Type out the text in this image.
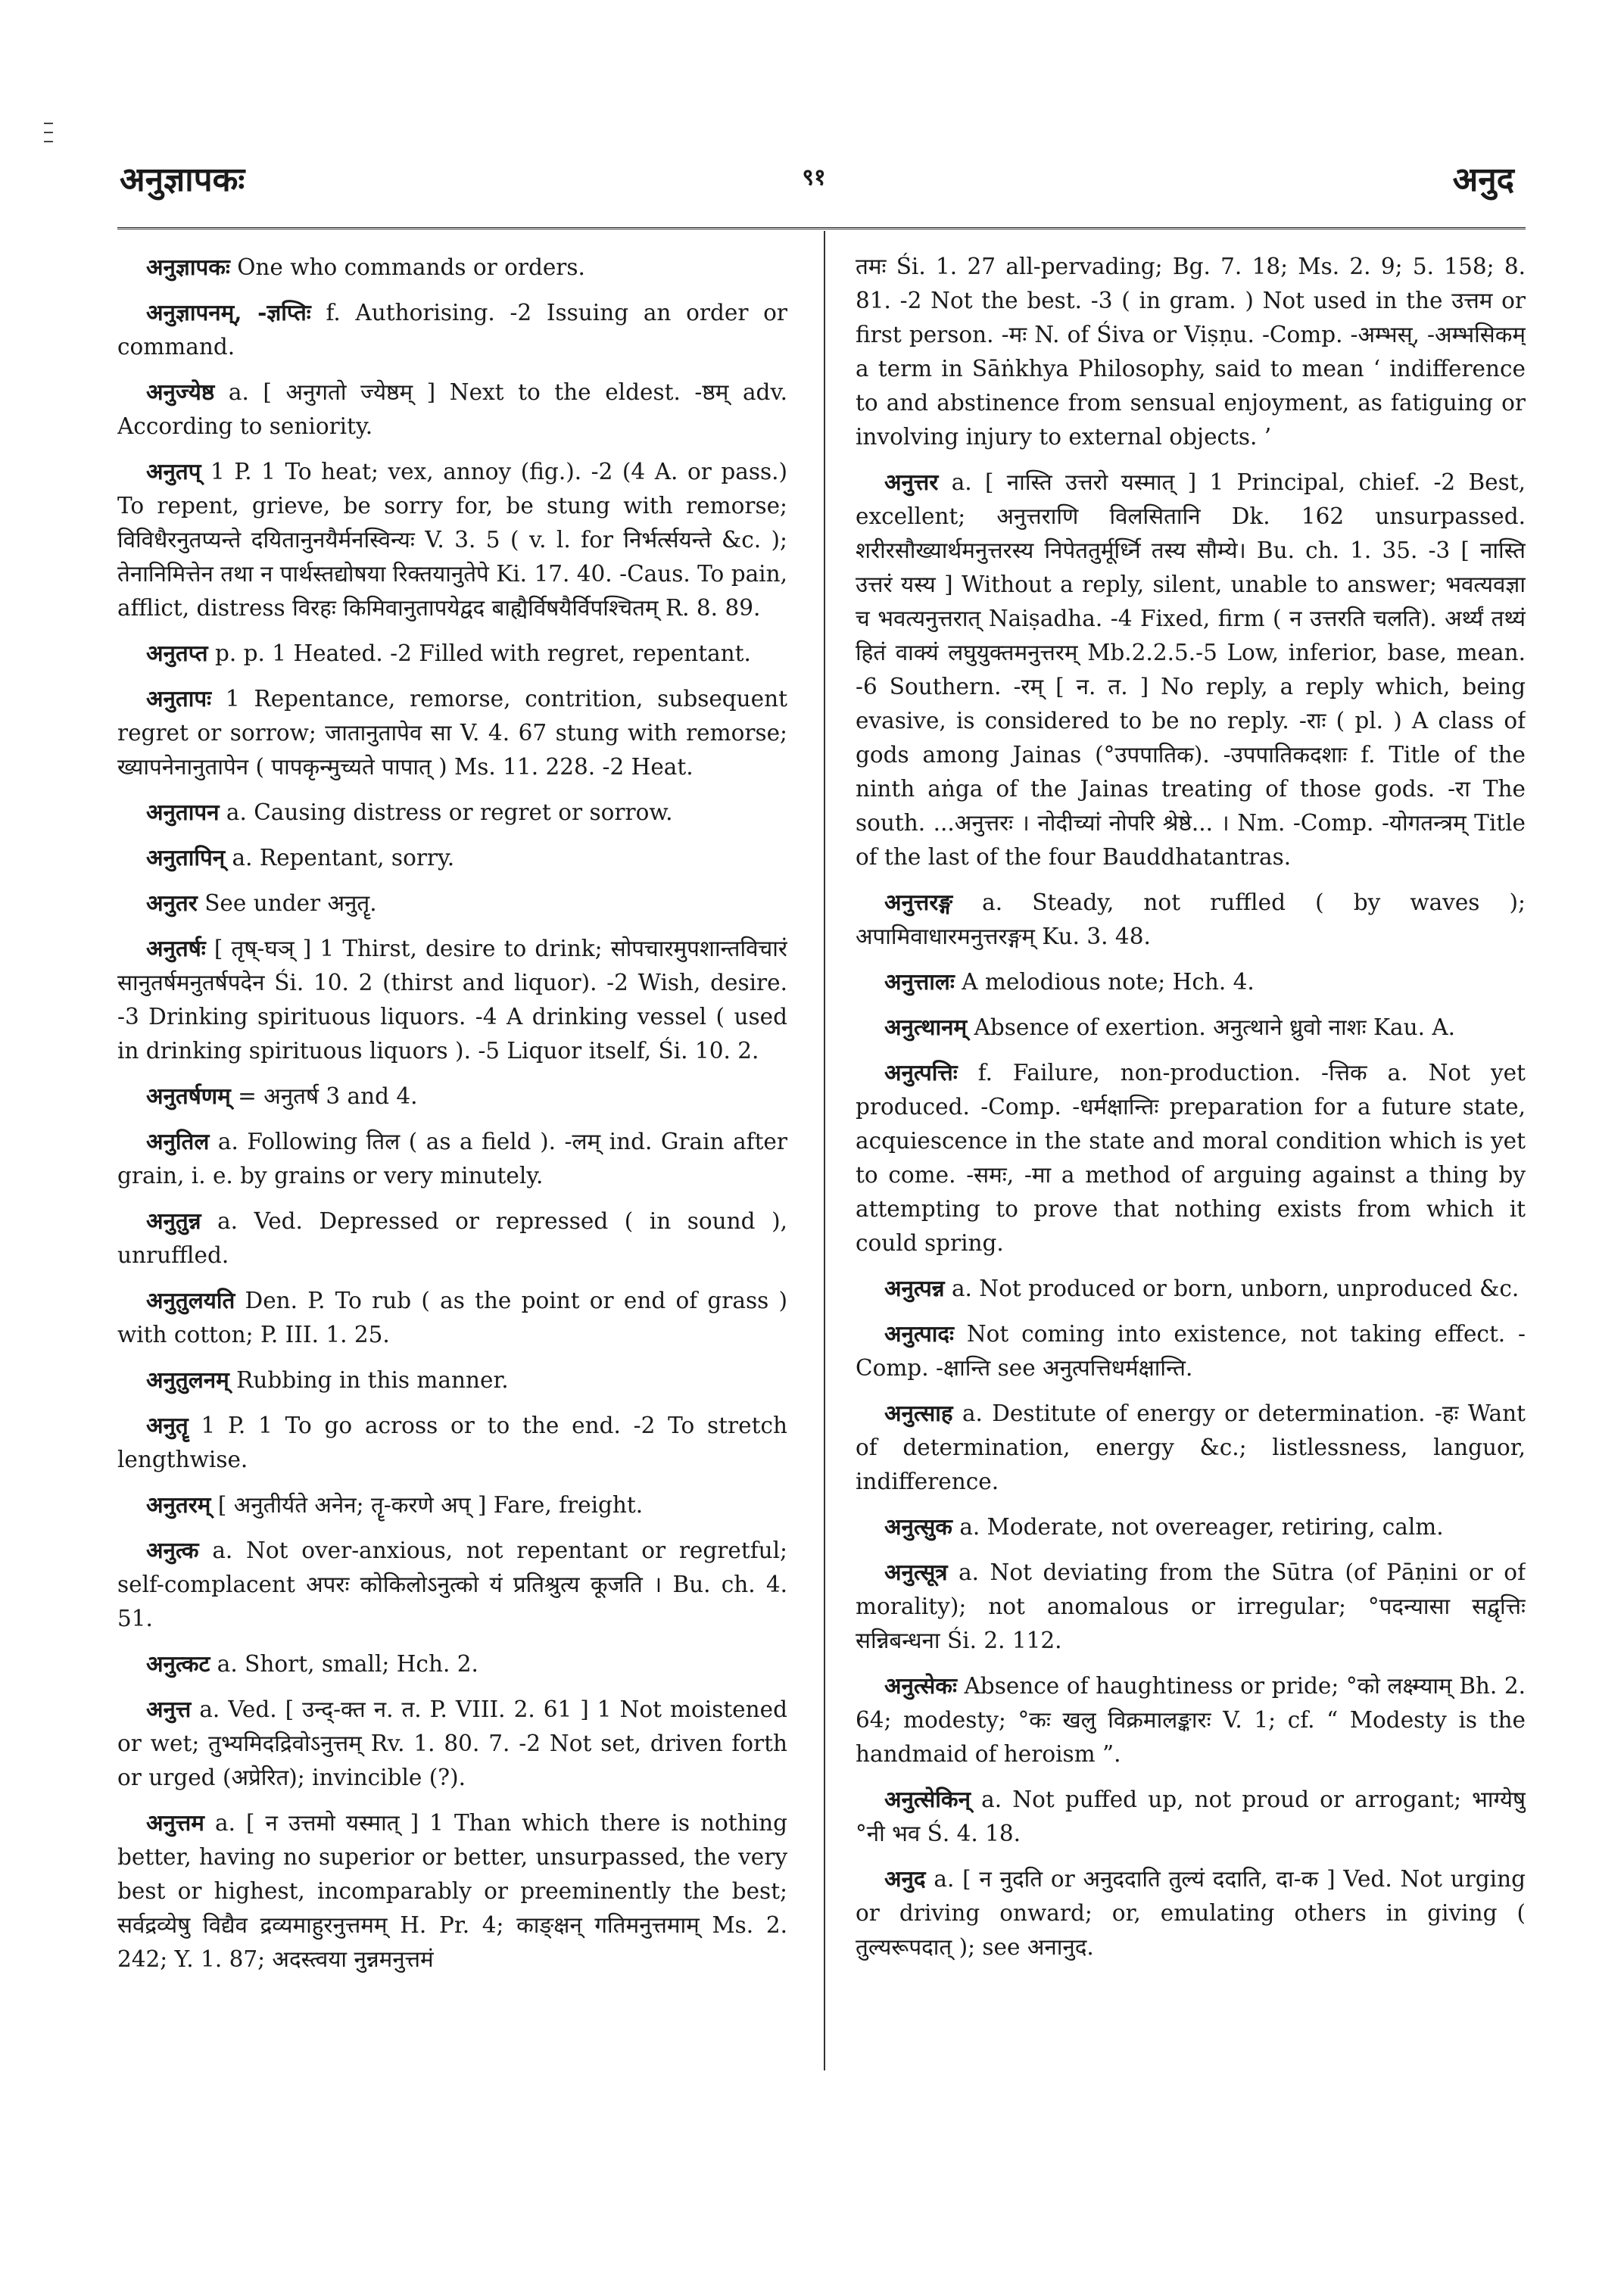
अनुज्ञापकः	९१	अनुद

अनुज्ञापकः One who commands or orders.

अनुज्ञापनम्, -ज्ञप्तिः f. Authorising. -2 Issuing an order or command.

अनुज्येष्ठ a. [ अनुगतो ज्येष्ठम् ] Next to the eldest. -ष्ठम् adv. According to seniority.

अनुतप् 1 P. 1 To heat; vex, annoy (fig.). -2 (4 A. or pass.) To repent, grieve, be sorry for, be stung with remorse; विविधैरनुतप्यन्ते दयितानुनयैर्मनस्विन्यः V. 3. 5 ( v. l. for निर्भर्त्सयन्ते &c. ); तेनानिमित्तेन तथा न पार्थस्तद्योषया रिक्तयानुतेपे Ki. 17. 40. -Caus. To pain, afflict, distress विरहः किमिवानुतापयेद्वद बाह्यैर्विषयैर्विपश्चितम् R. 8. 89.

अनुतप्त p. p. 1 Heated. -2 Filled with regret, repentant.

अनुतापः 1 Repentance, remorse, contrition, subsequent regret or sorrow; जातानुतापेव सा V. 4. 67 stung with remorse; ख्यापनेनानुतापेन ( पापकृन्मुच्यते पापात् ) Ms. 11. 228. -2 Heat.

अनुतापन a. Causing distress or regret or sorrow.

अनुतापिन् a. Repentant, sorry.

अनुतर See under अनुतॄ.

अनुतर्षः [ तृष्-घञ् ] 1 Thirst, desire to drink; सोपचारमुपशान्तविचारं सानुतर्षमनुतर्षपदेन Śi. 10. 2 (thirst and liquor). -2 Wish, desire. -3 Drinking spirituous liquors. -4 A drinking vessel ( used in drinking spirituous liquors ). -5 Liquor itself, Śi. 10. 2.

अनुतर्षणम् = अनुतर्ष 3 and 4.

अनुतिल a. Following तिल ( as a field ). -लम् ind. Grain after grain, i. e. by grains or very minutely.

अनुतुन्न a. Ved. Depressed or repressed ( in sound ), unruffled.

अनुतुलयति Den. P. To rub ( as the point or end of grass ) with cotton; P. III. 1. 25.

अनुतुलनम् Rubbing in this manner.

अनुतॄ 1 P. 1 To go across or to the end. -2 To stretch lengthwise.

अनुतरम् [ अनुतीर्यते अनेन; तॄ-करणे अप् ] Fare, freight.

अनुत्क a. Not over-anxious, not repentant or regretful; self-complacent अपरः कोकिलोऽनुत्को यं प्रतिश्रुत्य कूजति । Bu. ch. 4. 51.

अनुत्कट a. Short, small; Hch. 2.

अनुत्त a. Ved. [ उन्द्-क्त न. त. P. VIII. 2. 61 ] 1 Not moistened or wet; तुभ्यमिदद्रिवोऽनुत्तम् Rv. 1. 80. 7. -2 Not set, driven forth or urged (अप्रेरित); invincible (?).

अनुत्तम a. [ न उत्तमो यस्मात् ] 1 Than which there is nothing better, having no superior or better, unsurpassed, the very best or highest, incomparably or preeminently the best; सर्वद्रव्येषु विद्यैव द्रव्यमाहुरनुत्तमम् H. Pr. 4; काङ्क्षन् गतिमनुत्तमाम् Ms. 2. 242; Y. 1. 87; अदस्त्वया नुन्नमनुत्तमं

तमः Śi. 1. 27 all-pervading; Bg. 7. 18; Ms. 2. 9; 5. 158; 8. 81. -2 Not the best. -3 ( in gram. ) Not used in the उत्तम or first person. -मः N. of Śiva or Viṣṇu. -Comp. -अम्भस्, -अम्भसिकम् a term in Sāṅkhya Philosophy, said to mean ‘ indifference to and abstinence from sensual enjoyment, as fatiguing or involving injury to external objects. ’

अनुत्तर a. [ नास्ति उत्तरो यस्मात् ] 1 Principal, chief. -2 Best, excellent; अनुत्तराणि विलसितानि Dk. 162 unsurpassed. शरीरसौख्यार्थमनुत्तरस्य निपेततुर्मूर्ध्नि तस्य सौम्ये। Bu. ch. 1. 35. -3 [ नास्ति उत्तरं यस्य ] Without a reply, silent, unable to answer; भवत्यवज्ञा च भवत्यनुत्तरात् Naiṣadha. -4 Fixed, firm ( न उत्तरति चलति). अर्थ्यं तथ्यं हितं वाक्यं लघुयुक्तमनुत्तरम् Mb.2.2.5.-5 Low, inferior, base, mean. -6 Southern. -रम् [ न. त. ] No reply, a reply which, being evasive, is considered to be no reply. -राः ( pl. ) A class of gods among Jainas (°उपपातिक). -उपपातिकदशाः f. Title of the ninth aṅga of the Jainas treating of those gods. -रा The south. ...अनुत्तरः । नोदीच्यां नोपरि श्रेष्ठे... । Nm. -Comp. -योगतन्त्रम् Title of the last of the four Bauddhatantras.

अनुत्तरङ्ग a. Steady, not ruffled ( by waves ); अपामिवाधारमनुत्तरङ्गम् Ku. 3. 48.

अनुत्तालः A melodious note; Hch. 4.

अनुत्थानम् Absence of exertion. अनुत्थाने ध्रुवो नाशः Kau. A.

अनुत्पत्तिः f. Failure, non-production. -त्तिक a. Not yet produced. -Comp. -धर्मक्षान्तिः preparation for a future state, acquiescence in the state and moral condition which is yet to come. -समः, -मा a method of arguing against a thing by attempting to prove that nothing exists from which it could spring.

अनुत्पन्न a. Not produced or born, unborn, unproduced &c.

अनुत्पादः Not coming into existence, not taking effect. -Comp. -क्षान्ति see अनुत्पत्तिधर्मक्षान्ति.

अनुत्साह a. Destitute of energy or determination. -हः Want of determination, energy &c.; listlessness, languor, indifference.

अनुत्सुक a. Moderate, not overeager, retiring, calm.

अनुत्सूत्र a. Not deviating from the Sūtra (of Pāṇini or of morality); not anomalous or irregular; °पदन्यासा सद्वृत्तिः सन्निबन्धना Śi. 2. 112.

अनुत्सेकः Absence of haughtiness or pride; °को लक्ष्म्याम् Bh. 2. 64; modesty; °कः खलु विक्रमालङ्कारः V. 1; cf. “ Modesty is the handmaid of heroism ”.

अनुत्सेकिन् a. Not puffed up, not proud or arrogant; भाग्येषु °नी भव Ś. 4. 18.

अनुद a. [ न नुदति or अनुददाति तुल्यं ददाति, दा-क ] Ved. Not urging or driving onward; or, emulating others in giving ( तुल्यरूपदात् ); see अनानुद.
